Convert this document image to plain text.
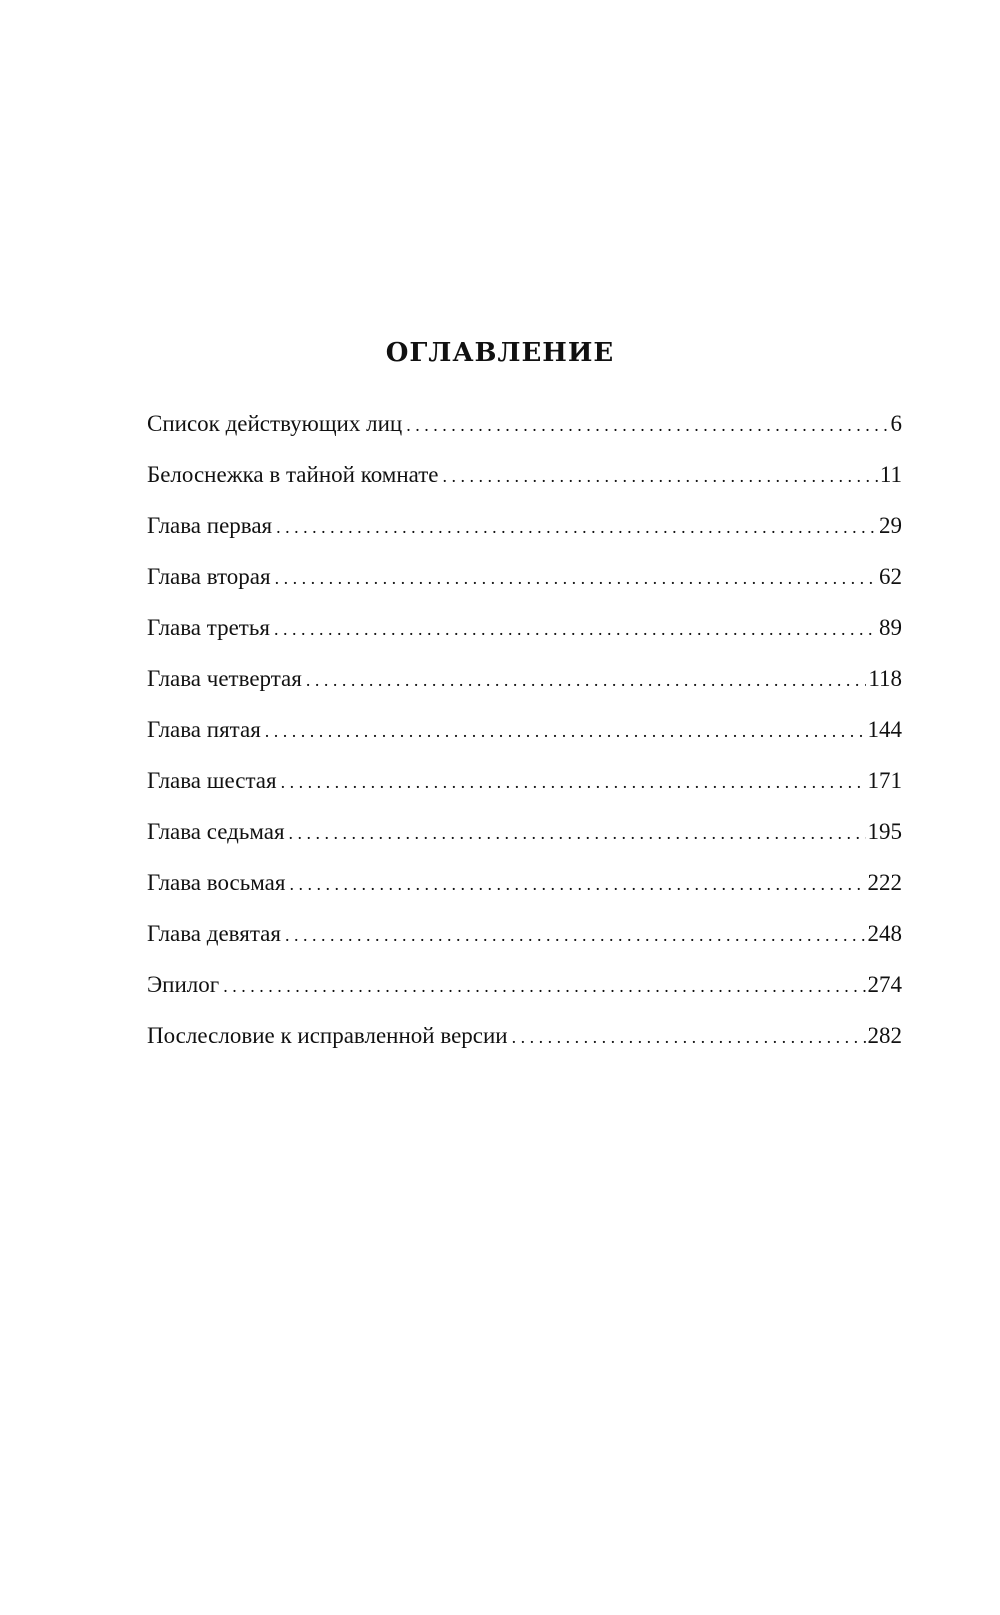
ОГЛАВЛЕНИЕ
Список действующих лиц . . .	6
Белоснежка в тайной комнате . . .	11
Глава первая . . .	29
Глава вторая . . .	62
Глава третья . . .	89
Глава четвертая . . .	118
Глава пятая . . .	144
Глава шестая . . .	171
Глава седьмая . . .	195
Глава восьмая . . .	222
Глава девятая . . .	248
Эпилог . . .	274
Послесловие к исправленной версии . . .	282
